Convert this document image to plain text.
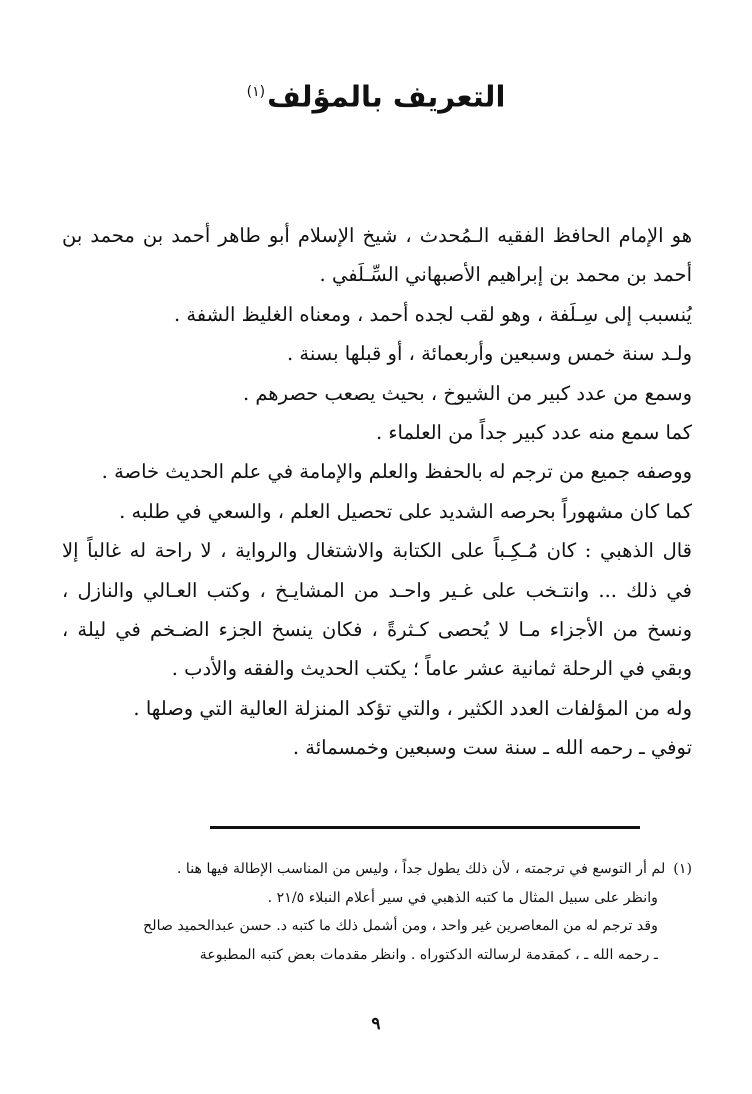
التعريف بالمؤلف$^{(١)}$

هو الإمام الحافظ الفقيه الـمُحدث ، شيخ الإسلام أبو طاهر أحمد بن محمد بن

أحمد بن محمد بن إبراهيم الأصبهاني السِّـلَفي .

يُنسبب إلى سِـلَفة ، وهو لقب لجده أحمد ، ومعناه الغليظ الشفة .

ولـد سنة خمس وسبعين وأربعمائة ، أو قبلها بسنة .

وسمع من عدد كبير من الشيوخ ، بحيث يصعب حصرهم .

كما سمع منه عدد كبير جداً من العلماء .

ووصفه جميع من ترجم له بالحفظ والعلم والإمامة في علم الحديث خاصة .

كما كان مشهوراً بحرصه الشديد على تحصيل العلم ، والسعي في طلبه .

قال الذهبي : كان مُـكِـباً على الكتابة والاشتغال والرواية ، لا راحة له غالباً إلا

في ذلك ... وانتـخب على غـير واحـد من المشايـخ ، وكتب العـالي والنازل ،

ونسخ من الأجزاء مـا لا يُحصى كـثرةً ، فكان ينسخ الجزء الضـخم في ليلة ،

وبقي في الرحلة ثمانية عشر عاماً ؛ يكتب الحديث والفقه والأدب .

وله من المؤلفات العدد الكثير ، والتي تؤكد المنزلة العالية التي وصلها .

توفي ـ رحمه الله ـ سنة ست وسبعين وخمسمائة .

(١)لم أر التوسع في ترجمته ، لأن ذلك يطول جداً ، وليس من المناسب الإطالة فيها هنا .

وانظر على سبيل المثال ما كتبه الذهبي في سير أعلام النبلاء ٢١/٥ .

وقد ترجم له من المعاصرين غير واحد ، ومن أشمل ذلك ما كتبه د. حسن عبدالحميد صالح

ـ رحمه الله ـ ، كمقدمة لرسالته الدكتوراه . وانظر مقدمات بعض كتبه المطبوعة

٩
